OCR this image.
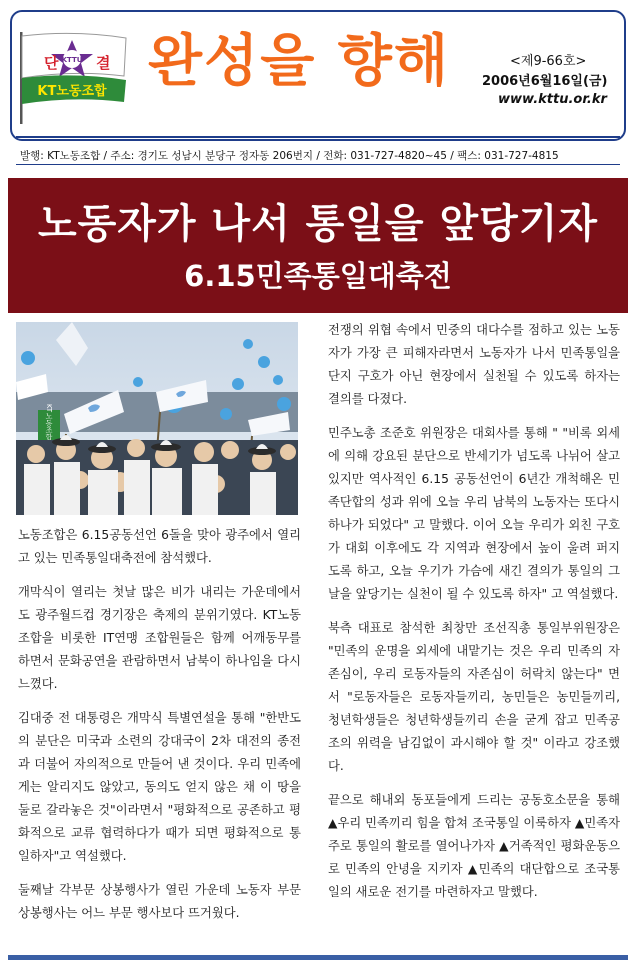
KTTU
단	결
KT노동조합 완성을 향해	<제9-66호>
2006년6월16일(금)
www.kttu.or.kr
발행: KT노동조합 / 주소: 경기도 성남시 분당구 정자동 206번지 / 전화: 031-727-4820~45 / 팩스: 031-727-4815
노동자가 나서 통일을 앞당기자
6.15민족통일대축전
KT노동조합

노동조합은 6.15공동선언 6돌을 맞아 광주에서 열리고 있는 민족통일대축전에 참석했다.

개막식이 열리는 첫날 많은 비가 내리는 가운데에서도 광주월드컵 경기장은 축제의 분위기였다. KT노동조합을 비롯한 IT연맹 조합원들은 함께 어깨동무를 하면서 문화공연을 관람하면서 남북이 하나임을 다시 느꼈다.

김대중 전 대통령은 개막식 특별연설을 통해 "한반도의 분단은 미국과 소련의 강대국이 2차 대전의 종전과 더불어 자의적으로 만들어 낸 것이다. 우리 민족에게는 알리지도 않았고, 동의도 얻지 않은 채 이 땅을 둘로 갈라놓은 것"이라면서 "평화적으로 공존하고 평화적으로 교류 협력하다가 때가 되면 평화적으로 통일하자"고 역설했다.

둘째날 각부문 상봉행사가 열린 가운데 노동자 부문 상봉행사는 어느 부문 행사보다 뜨거웠다.

전쟁의 위협 속에서 민중의 대다수를 점하고 있는 노동자가 가장 큰 피해자라면서 노동자가 나서 민족통일을 단지 구호가 아닌 현장에서 실천될 수 있도록 하자는 결의를 다졌다.

민주노총 조준호 위원장은 대회사를 통해 " "비록 외세에 의해 강요된 분단으로 반세기가 넘도록 나뉘어 살고 있지만 역사적인 6.15 공동선언이 6년간 개척해온 민족단합의 성과 위에 오늘 우리 남북의 노동자는 또다시 하나가 되었다" 고 말했다. 이어 오늘 우리가 외친 구호가 대회 이후에도 각 지역과 현장에서 높이 울려 퍼지도록 하고, 오늘 우기가 가슴에 새긴 결의가 통일의 그날을 앞당기는 실천이 될 수 있도록 하자" 고 역설했다.

북측 대표로 참석한 최창만 조선직총 통일부위원장은 "민족의 운명을 외세에 내맡기는 것은 우리 민족의 자존심이, 우리 로동자들의 자존심이 허락치 않는다" 면서 "로동자들은 로동자들끼리, 농민들은 농민들끼리, 청년학생들은 청년학생들끼리 손을 굳게 잡고 민족공조의 위력을 남김없이 과시해야 할 것" 이라고 강조했다.

끝으로 해내외 동포들에게 드리는 공동호소문을 통해 ▲우리 민족끼리 힘을 합쳐 조국통일 이룩하자 ▲민족자주로 통일의 활로를 열어나가자 ▲거족적인 평화운동으로 민족의 안녕을 지키자 ▲민족의 대단합으로 조국통일의 새로운 전기를 마련하자고 말했다.
